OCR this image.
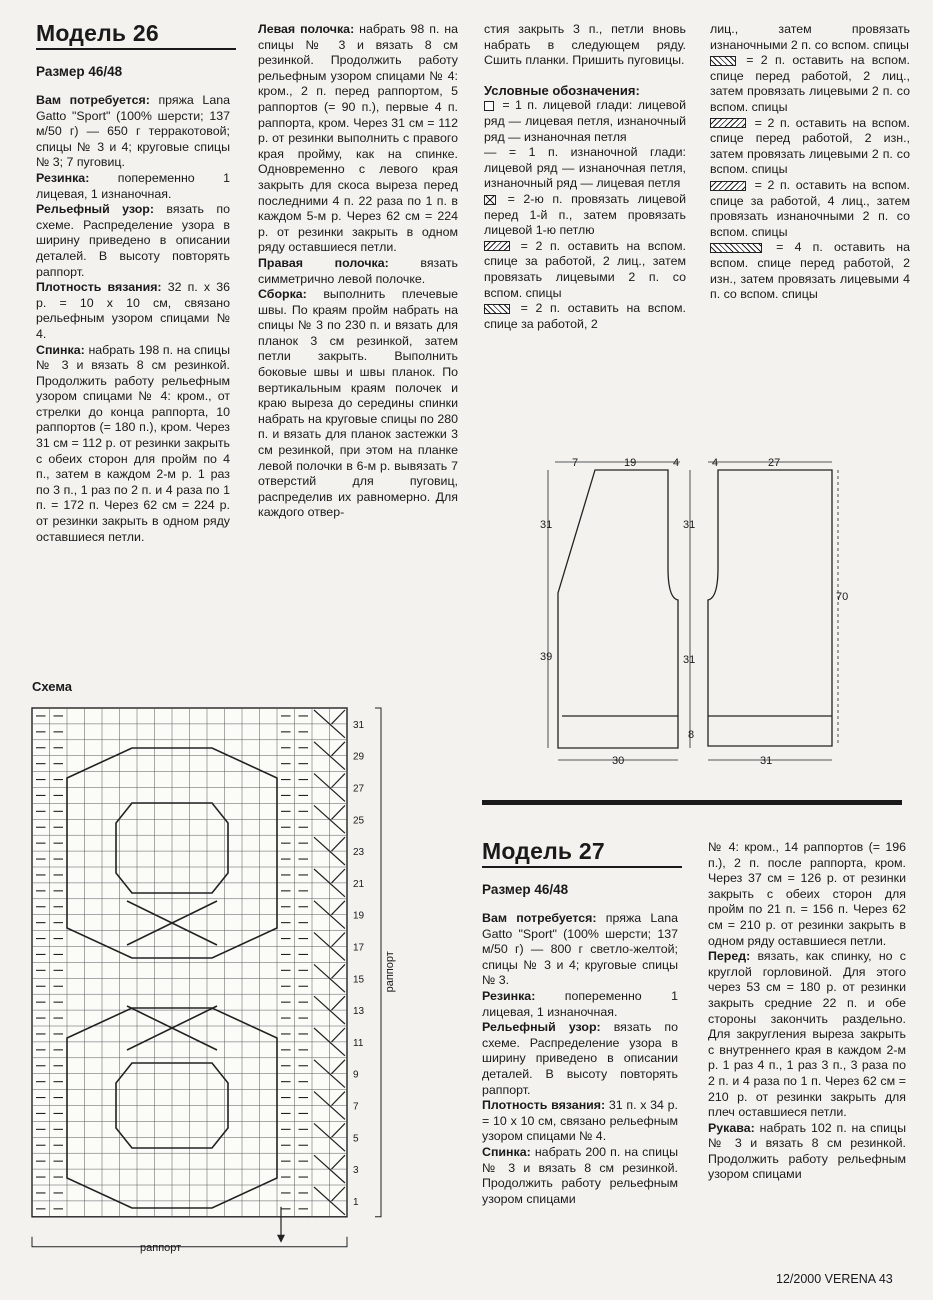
Модель 26
Размер 46/48

Вам потребуется: пряжа Lana Gatto "Sport" (100% шерсти; 137 м/50 г) — 650 г терракотовой; спицы № 3 и 4; круговые спицы № 3; 7 пуговиц.

Резинка: попеременно 1 лицевая, 1 изнаночная.

Рельефный узор: вязать по схеме. Распределение узора в ширину приведено в описании деталей. В высоту повторять раппорт.

Плотность вязания: 32 п. х 36 р. = 10 х 10 см, связано рельефным узором спицами № 4.

Спинка: набрать 198 п. на спицы № 3 и вязать 8 см резинкой. Продолжить работу рельефным узором спицами № 4: кром., от стрелки до конца раппорта, 10 раппортов (= 180 п.), кром. Через 31 см = 112 р. от резинки закрыть с обеих сторон для пройм по 4 п., затем в каждом 2-м р. 1 раз по 3 п., 1 раз по 2 п. и 4 раза по 1 п. = 172 п. Через 62 см = 224 р. от резинки закрыть в одном ряду оставшиеся петли.

Левая полочка: набрать 98 п. на спицы № 3 и вязать 8 см резинкой. Продолжить работу рельефным узором спицами № 4: кром., 2 п. перед раппортом, 5 раппортов (= 90 п.), первые 4 п. раппорта, кром. Через 31 см = 112 р. от резинки выполнить с правого края пройму, как на спинке. Одновременно с левого края закрыть для скоса выреза перед последними 4 п. 22 раза по 1 п. в каждом 5-м р. Через 62 см = 224 р. от резинки закрыть в одном ряду оставшиеся петли.

Правая полочка: вязать симметрично левой полочке.

Сборка: выполнить плечевые швы. По краям пройм набрать на спицы № 3 по 230 п. и вязать для планок 3 см резинкой, затем петли закрыть. Выполнить боковые швы и швы планок. По вертикальным краям полочек и краю выреза до середины спинки набрать на круговые спицы по 280 п. и вязать для планок застежки 3 см резинкой, при этом на планке левой полочки в 6-м р. вывязать 7 отверстий для пуговиц, распределив их равномерно. Для каждого отвер-

стия закрыть 3 п., петли вновь набрать в следующем ряду. Сшить планки. Пришить пуговицы.

Условные обозначения:

= 1 п. лицевой глади: лицевой ряд — лицевая петля, изнаночный ряд — изнаночная петля

— = 1 п. изнаночной глади: лицевой ряд — изнаночная петля, изнаночный ряд — лицевая петля

= 2-ю п. провязать лицевой перед 1-й п., затем провязать лицевой 1-ю петлю

= 2 п. оставить на вспом. спице за работой, 2 лиц., затем провязать лицевыми 2 п. со вспом. спицы

= 2 п. оставить на вспом. спице за работой, 2

лиц., затем провязать изнаночными 2 п. со вспом. спицы

= 2 п. оставить на вспом. спице перед работой, 2 лиц., затем провязать лицевыми 2 п. со вспом. спицы

= 2 п. оставить на вспом. спице перед работой, 2 изн., затем провязать лицевыми 2 п. со вспом. спицы

= 2 п. оставить на вспом. спице за работой, 4 лиц., затем провязать изнаночными 2 п. со вспом. спицы

= 4 п. оставить на вспом. спице перед работой, 2 изн., затем провязать лицевыми 4 п. со вспом. спицы

7	19	4	4	27
31
39
31
31
8
70
30	31
Схема
31
29
27
25
23
21
19
17
15
13
11
9
7
5
3
1
раппорт
раппорт
Модель 27
Размер 46/48

Вам потребуется: пряжа Lana Gatto "Sport" (100% шерсти; 137 м/50 г) — 800 г светло-желтой; спицы № 3 и 4; круговые спицы № 3.

Резинка: попеременно 1 лицевая, 1 изнаночная.

Рельефный узор: вязать по схеме. Распределение узора в ширину приведено в описании деталей. В высоту повторять раппорт.

Плотность вязания: 31 п. х 34 р. = 10 х 10 см, связано рельефным узором спицами № 4.

Спинка: набрать 200 п. на спицы № 3 и вязать 8 см резинкой. Продолжить работу рельефным узором спицами

№ 4: кром., 14 раппортов (= 196 п.), 2 п. после раппорта, кром. Через 37 см = 126 р. от резинки закрыть с обеих сторон для пройм по 21 п. = 156 п. Через 62 см = 210 р. от резинки закрыть в одном ряду оставшиеся петли.

Перед: вязать, как спинку, но с круглой горловиной. Для этого через 53 см = 180 р. от резинки закрыть средние 22 п. и обе стороны закончить раздельно. Для закругления выреза закрыть с внутреннего края в каждом 2-м р. 1 раз 4 п., 1 раз 3 п., 3 раза по 2 п. и 4 раза по 1 п. Через 62 см = 210 р. от резинки закрыть для плеч оставшиеся петли.

Рукава: набрать 102 п. на спицы № 3 и вязать 8 см резинкой. Продолжить работу рельефным узором спицами

12/2000 VERENA 43
